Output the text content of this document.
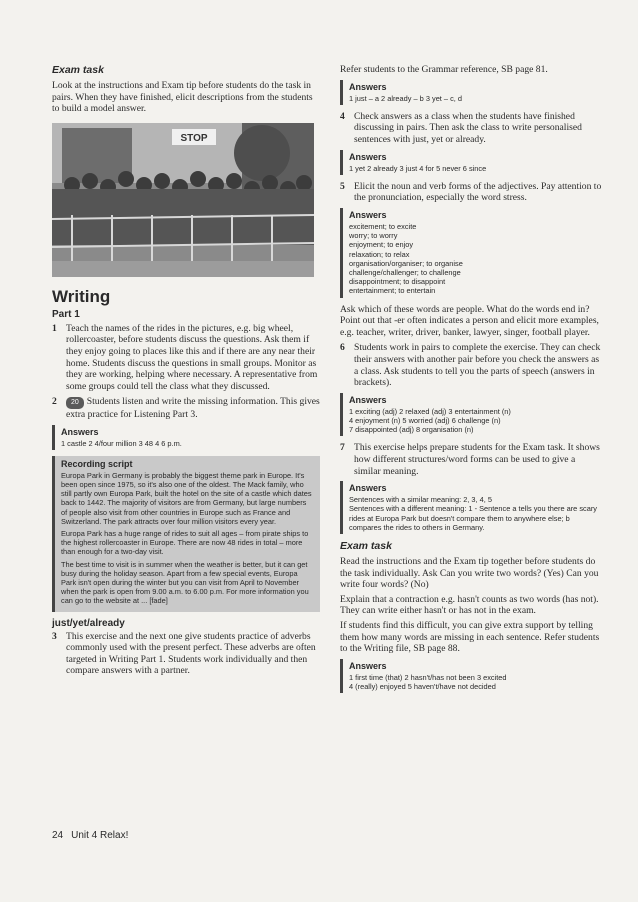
Exam task

Look at the instructions and Exam tip before students do the task in pairs. When they have finished, elicit descriptions from the students to build a model answer.

STOP
Writing
Part 1

1 Teach the names of the rides in the pictures, e.g. big wheel, rollercoaster, before students discuss the questions. Ask them if they enjoy going to places like this and if there are any near their home. Students discuss the questions in small groups. Monitor as they are working, helping where necessary. A representative from some groups could tell the class what they discussed.

2 20 Students listen and write the missing information. This gives extra practice for Listening Part 3.

Answers
1 castle 2 4/four million 3 48 4 6 p.m.
Recording script

Europa Park in Germany is probably the biggest theme park in Europe. It's been open since 1975, so it's also one of the oldest. The Mack family, who still partly own Europa Park, built the hotel on the site of a castle which dates back to 1442. The majority of visitors are from Germany, but large numbers of people also visit from other countries in Europe such as France and Switzerland. The park attracts over four million visitors every year.

Europa Park has a huge range of rides to suit all ages – from pirate ships to the highest rollercoaster in Europe. There are now 48 rides in total – more than enough for a two-day visit.

The best time to visit is in summer when the weather is better, but it can get busy during the holiday season. Apart from a few special events, Europa Park isn't open during the winter but you can visit from April to November when the park is open from 9.00 a.m. to 6.00 p.m. For more information you can go to the website at ... [fade]

just/yet/already

3 This exercise and the next one give students practice of adverbs commonly used with the present perfect. These adverbs are often targeted in Writing Part 1. Students work individually and then compare answers with a partner.

Refer students to the Grammar reference, SB page 81.

Answers
1 just – a 2 already – b 3 yet – c, d

4 Check answers as a class when the students have finished discussing in pairs. Then ask the class to write personalised sentences with just, yet or already.

Answers
1 yet 2 already 3 just 4 for 5 never 6 since

5 Elicit the noun and verb forms of the adjectives. Pay attention to the pronunciation, especially the word stress.

Answers
excitement; to excite
worry; to worry
enjoyment; to enjoy
relaxation; to relax
organisation/organiser; to organise
challenge/challenger; to challenge
disappointment; to disappoint
entertainment; to entertain

Ask which of these words are people. What do the words end in? Point out that -er often indicates a person and elicit more examples, e.g. teacher, writer, driver, banker, lawyer, singer, football player.

6 Students work in pairs to complete the exercise. They can check their answers with another pair before you check the answers as a class. Ask students to tell you the parts of speech (answers in brackets).

Answers
1 exciting (adj) 2 relaxed (adj) 3 entertainment (n)
4 enjoyment (n) 5 worried (adj) 6 challenge (n)
7 disappointed (adj) 8 organisation (n)

7 This exercise helps prepare students for the Exam task. It shows how different structures/word forms can be used to give a similar meaning.

Answers
Sentences with a similar meaning: 2, 3, 4, 5
Sentences with a different meaning: 1 - Sentence a tells you there are scary rides at Europa Park but doesn't compare them to anywhere else; b compares the rides to others in Germany.
Exam task

Read the instructions and the Exam tip together before students do the task individually. Ask Can you write two words? (Yes) Can you write four words? (No)

Explain that a contraction e.g. hasn't counts as two words (has not). They can write either hasn't or has not in the exam.

If students find this difficult, you can give extra support by telling them how many words are missing in each sentence. Refer students to the Writing file, SB page 88.

Answers
1 first time (that) 2 hasn't/has not been 3 excited
4 (really) enjoyed 5 haven't/have not decided
24 Unit 4 Relax!
